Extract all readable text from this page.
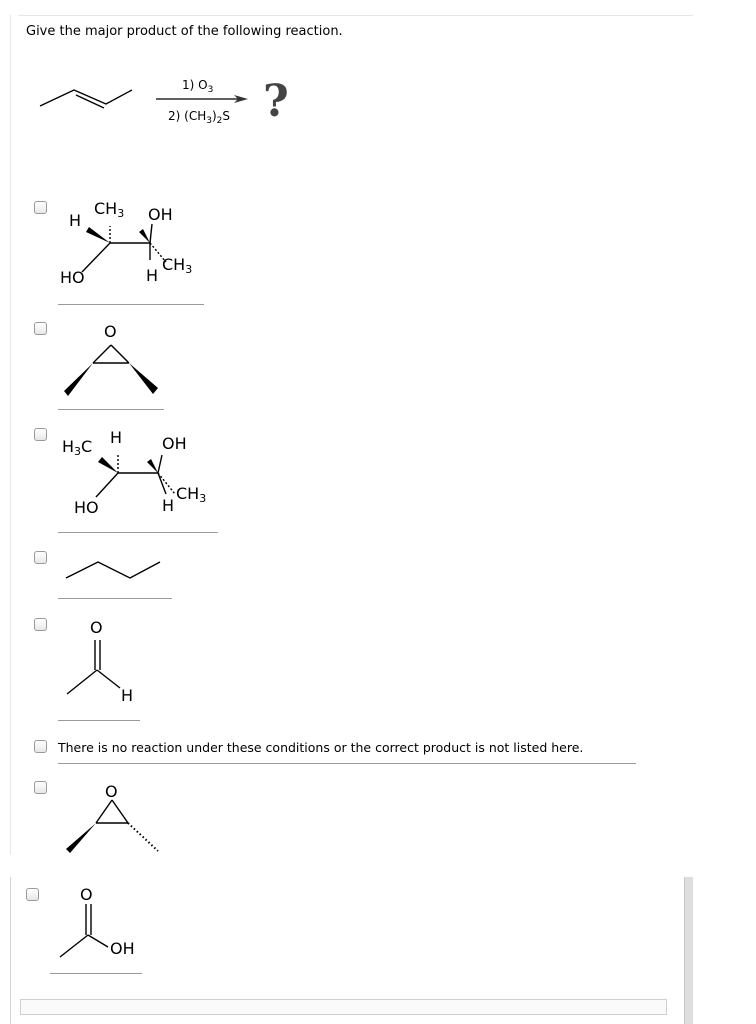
Give the major product of the following reaction.
1) $O_3$
2) $(CH_3)_2S$ ?
H
$CH_3$ OH
HO	H
$CH_3$
O
$H_3C$ H OH
HO	H
$CH_3$
O
H
There is no reaction under these conditions or the correct product is not listed here.
O
O
OH
